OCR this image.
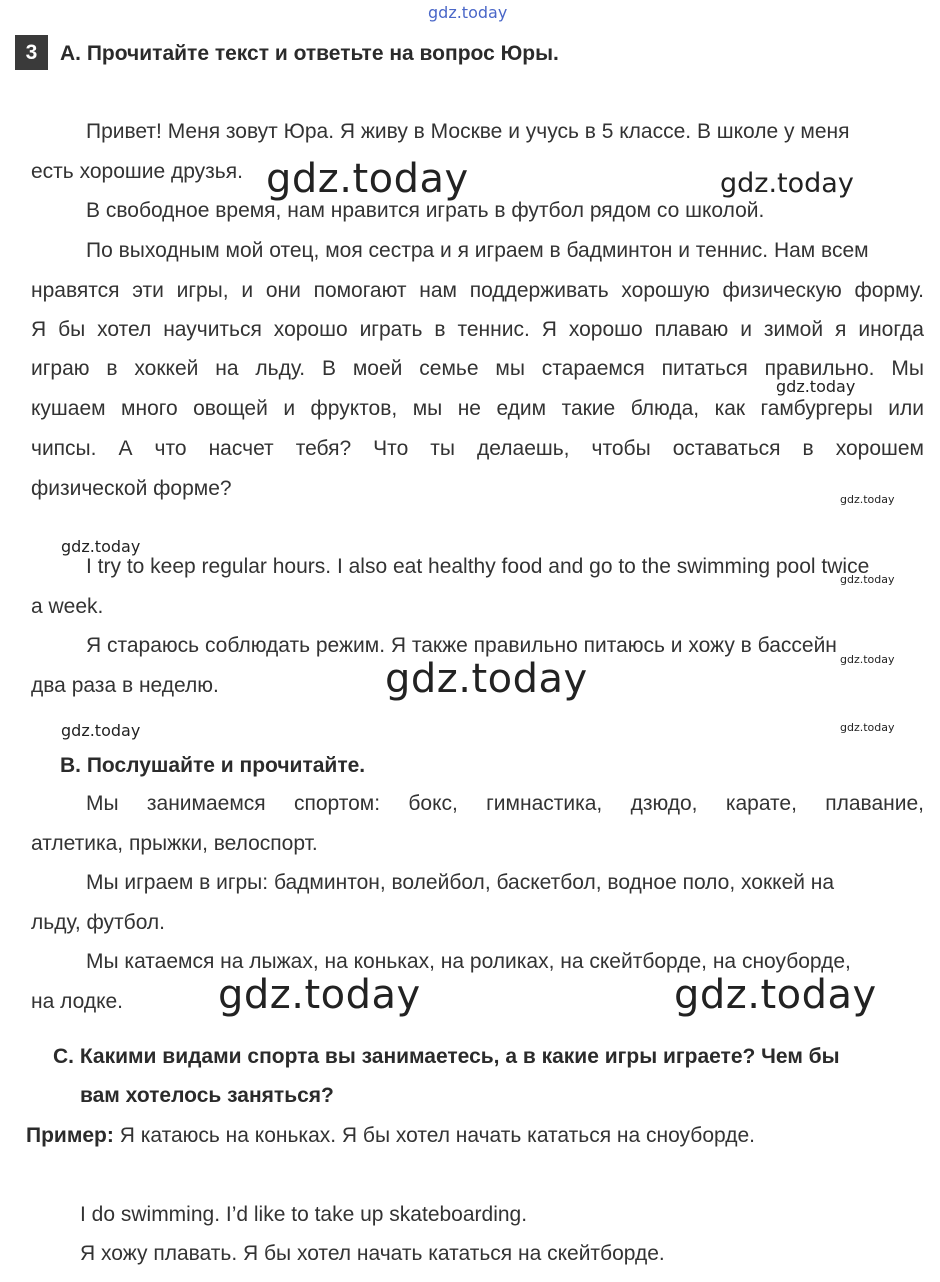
gdz.today
3	А. Прочитайте текст и ответьте на вопрос Юры.
Привет! Меня зовут Юра. Я живу в Москве и учусь в 5 классе. В школе у меня
есть хорошие друзья.
В свободное время, нам нравится играть в футбол рядом со школой.
По выходным мой отец, моя сестра и я играем в бадминтон и теннис. Нам всем
нравятся эти игры, и они помогают нам поддерживать хорошую физическую форму.
Я бы хотел научиться хорошо играть в теннис. Я хорошо плаваю и зимой я иногда
играю в хоккей на льду. В моей семье мы стараемся питаться правильно. Мы
кушаем много овощей и фруктов, мы не едим такие блюда, как гамбургеры или
чипсы. А что насчет тебя? Что ты делаешь, чтобы оставаться в хорошем
физической форме?
I try to keep regular hours. I also eat healthy food and go to the swimming pool twice
a week.
Я стараюсь соблюдать режим. Я также правильно питаюсь и хожу в бассейн
два раза в неделю.
B. Послушайте и прочитайте.
Мы занимаемся спортом: бокс, гимнастика, дзюдо, карате, плавание,
атлетика, прыжки, велоспорт.
Мы играем в игры: бадминтон, волейбол, баскетбол, водное поло, хоккей на
льду, футбол.
Мы катаемся на лыжах, на коньках, на роликах, на скейтборде, на сноуборде,
на лодке.
С. Какими видами спорта вы занимаетесь, а в какие игры играете? Чем бы
вам хотелось заняться?
Пример: Я катаюсь на коньках. Я бы хотел начать кататься на сноуборде.
I do swimming. I’d like to take up skateboarding.
Я хожу плавать. Я бы хотел начать кататься на скейтборде.
gdz.today	gdz.today
gdz.today
gdz.today
gdz.today
gdz.today
gdz.today
gdz.today
gdz.today	gdz.today
gdz.today	gdz.today
